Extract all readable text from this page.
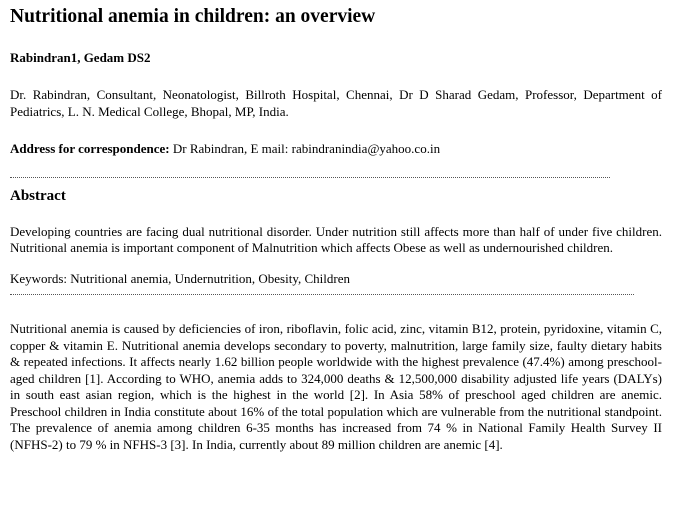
Nutritional anemia in children: an overview
Rabindran1, Gedam DS2
Dr. Rabindran, Consultant, Neonatologist, Billroth Hospital, Chennai, Dr D Sharad Gedam, Professor, Department of Pediatrics, L. N. Medical College, Bhopal, MP, India.
Address for correspondence: Dr Rabindran, E mail: rabindranindia@yahoo.co.in
Abstract
Developing countries are facing dual nutritional disorder. Under nutrition still affects more than half of under five children. Nutritional anemia is important component of Malnutrition which affects Obese as well as undernourished children.
Keywords: Nutritional anemia, Undernutrition, Obesity, Children
Nutritional anemia is caused by deficiencies of iron, riboflavin, folic acid, zinc, vitamin B12, protein, pyridoxine, vitamin C, copper & vitamin E. Nutritional anemia develops secondary to poverty, malnutrition, large family size, faulty dietary habits & repeated infections. It affects nearly 1.62 billion people worldwide with the highest prevalence (47.4%) among preschool-aged children [1]. According to WHO, anemia adds to 324,000 deaths & 12,500,000 disability adjusted life years (DALYs) in south east asian region, which is the highest in the world [2]. In Asia 58% of preschool aged children are anemic. Preschool children in India constitute about 16% of the total population which are vulnerable from the nutritional standpoint. The prevalence of anemia among children 6-35 months has increased from 74 % in National Family Health Survey II (NFHS-2) to 79 % in NFHS-3 [3]. In India, currently about 89 million children are anemic [4].
